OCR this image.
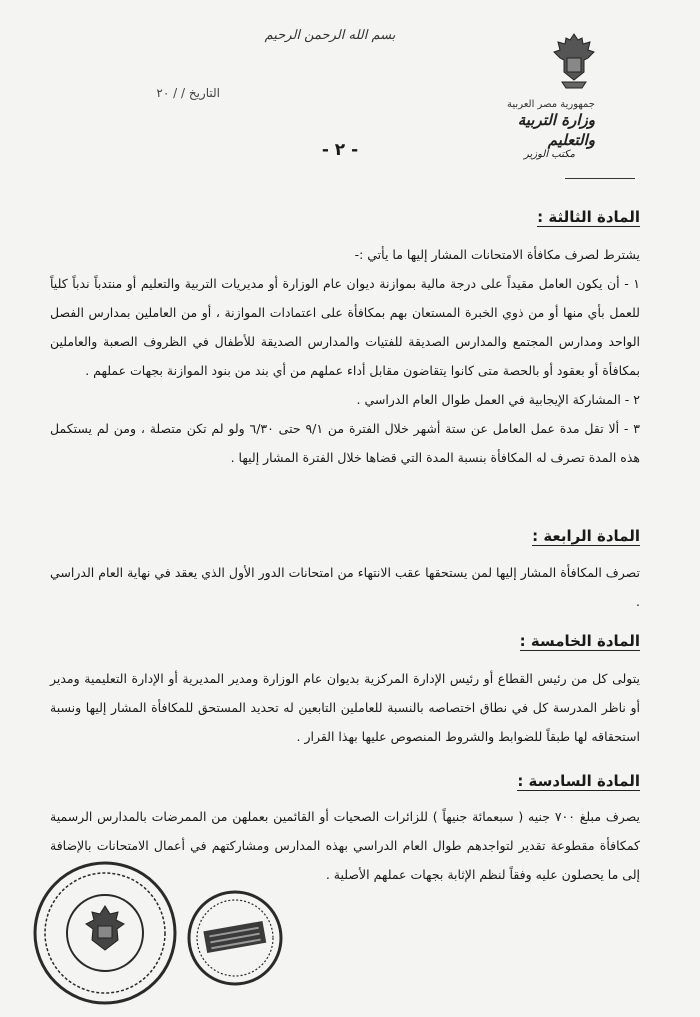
بسم الله الرحمن الرحيم
جمهورية مصر العربية
وزارة التربية والتعليم
مكتب الوزير
التاريخ / / ٢٠
- ٢ -
المادة الثالثة :

يشترط لصرف مكافأة الامتحانات المشار إليها ما يأتي :-

١ - أن يكون العامل مقيداً على درجة مالية بموازنة ديوان عام الوزارة أو مديريات التربية والتعليم أو منتدباً ندباً كلياً للعمل بأي منها أو من ذوي الخبرة المستعان بهم بمكافأة على اعتمادات الموازنة ، أو من العاملين بمدارس الفصل الواحد ومدارس المجتمع والمدارس الصديقة للفتيات والمدارس الصديقة للأطفال في الظروف الصعبة والعاملين بمكافأة أو بعقود أو بالحصة متى كانوا يتقاضون مقابل أداء عملهم من أي بند من بنود الموازنة بجهات عملهم .

٢ - المشاركة الإيجابية في العمل طوال العام الدراسي .

٣ - ألا تقل مدة عمل العامل عن ستة أشهر خلال الفترة من ٩/١ حتى ٦/٣٠ ولو لم تكن متصلة ، ومن لم يستكمل هذه المدة تصرف له المكافأة بنسبة المدة التي قضاها خلال الفترة المشار إليها .

المادة الرابعة :
تصرف المكافأة المشار إليها لمن يستحقها عقب الانتهاء من امتحانات الدور الأول الذي يعقد في نهاية العام الدراسي .
المادة الخامسة :
يتولى كل من رئيس القطاع أو رئيس الإدارة المركزية بديوان عام الوزارة ومدير المديرية أو الإدارة التعليمية ومدير أو ناظر المدرسة كل في نطاق اختصاصه بالنسبة للعاملين التابعين له تحديد المستحق للمكافأة المشار إليها ونسبة استحقاقه لها طبقاً للضوابط والشروط المنصوص عليها بهذا القرار .
المادة السادسة :
يصرف مبلغ ٧٠٠ جنيه ( سبعمائة جنيهاً ) للزائرات الصحيات أو القائمين بعملهن من الممرضات بالمدارس الرسمية كمكافأة مقطوعة تقدير لتواجدهم طوال العام الدراسي بهذه المدارس ومشاركتهم في أعمال الامتحانات بالإضافة إلى ما يحصلون عليه وفقاً لنظم الإثابة بجهات عملهم الأصلية .
